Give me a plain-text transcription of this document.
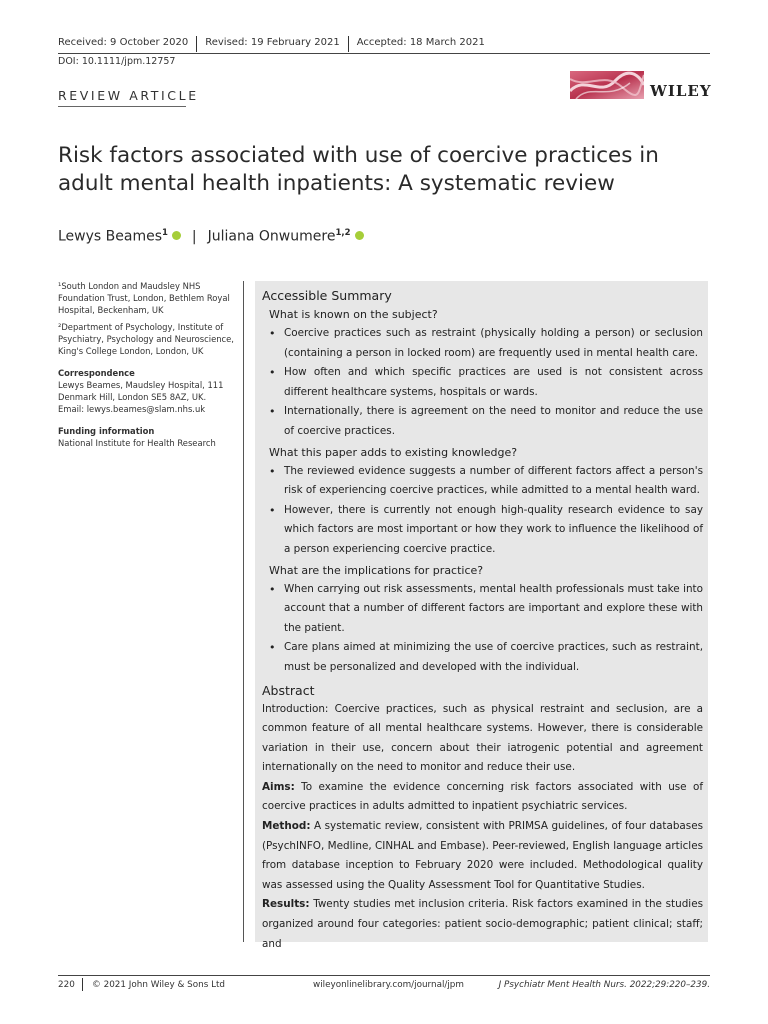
Received: 9 October 2020	Revised: 19 February 2021	Accepted: 18 March 2021
DOI: 10.1111/jpm.12757
REVIEW ARTICLE	WILEY
Risk factors associated with use of coercive practices in adult mental health inpatients: A systematic review
Lewys Beames$^1$ | Juliana Onwumere$^{1,2}$

¹South London and Maudsley NHS Foundation Trust, London, Bethlem Royal Hospital, Beckenham, UK

²Department of Psychology, Institute of Psychiatry, Psychology and Neuroscience, King's College London, London, UK

Correspondence
Lewys Beames, Maudsley Hospital, 111 Denmark Hill, London SE5 8AZ, UK.
Email: lewys.beames@slam.nhs.uk
Funding information
National Institute for Health Research
Accessible Summary
What is known on the subject?
• Coercive practices such as restraint (physically holding a person) or seclusion (containing a person in locked room) are frequently used in mental health care.
• How often and which specific practices are used is not consistent across different healthcare systems, hospitals or wards.
• Internationally, there is agreement on the need to monitor and reduce the use of coercive practices.
What this paper adds to existing knowledge?
• The reviewed evidence suggests a number of different factors affect a person's risk of experiencing coercive practices, while admitted to a mental health ward.
• However, there is currently not enough high-quality research evidence to say which factors are most important or how they work to influence the likelihood of a person experiencing coercive practice.
What are the implications for practice?
• When carrying out risk assessments, mental health professionals must take into account that a number of different factors are important and explore these with the patient.
• Care plans aimed at minimizing the use of coercive practices, such as restraint, must be personalized and developed with the individual.
Abstract

Introduction: Coercive practices, such as physical restraint and seclusion, are a common feature of all mental healthcare systems. However, there is considerable variation in their use, concern about their iatrogenic potential and agreement internationally on the need to monitor and reduce their use.

Aims: To examine the evidence concerning risk factors associated with use of coercive practices in adults admitted to inpatient psychiatric services.

Method: A systematic review, consistent with PRIMSA guidelines, of four databases (PsychINFO, Medline, CINHAL and Embase). Peer-reviewed, English language articles from database inception to February 2020 were included. Methodological quality was assessed using the Quality Assessment Tool for Quantitative Studies.

Results: Twenty studies met inclusion criteria. Risk factors examined in the studies organized around four categories: patient socio-demographic; patient clinical; staff; and

220 © 2021 John Wiley & Sons Ltd	wileyonlinelibrary.com/journal/jpm	J Psychiatr Ment Health Nurs. 2022;29:220–239.
